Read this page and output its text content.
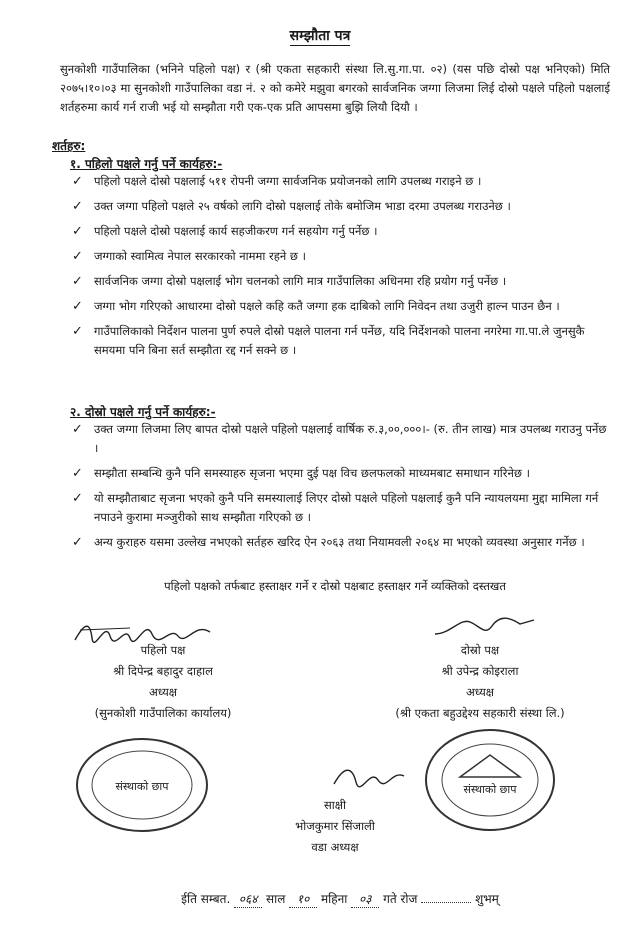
सम्झौता पत्र
सुनकोशी गाउँपालिका (भनिने पहिलो पक्ष) र (श्री एकता सहकारी संस्था लि.सु.गा.पा. ०२) (यस पछि दोस्रो पक्ष भनिएको) मिति २०७५।१०।०३ मा सुनकोशी गाउँपालिका वडा नं. २ को कमेरे मझुवा बगरको सार्वजनिक जग्गा लिजमा लिई दोस्रो पक्षले पहिलो पक्षलाई शर्तहरुमा कार्य गर्न राजी भई यो सम्झौता गरी एक-एक प्रति आपसमा बुझि लियौ दियौ ।
शर्तहरु:
१. पहिलो पक्षले गर्नु पर्ने कार्यहरु:-
✓ पहिलो पक्षले दोस्रो पक्षलाई ५११ रोपनी जग्गा सार्वजनिक प्रयोजनको लागि उपलब्ध गराइने छ ।
✓ उक्त जग्गा पहिलो पक्षले २५ वर्षको लागि दोस्रो पक्षलाई तोके बमोजिम भाडा दरमा उपलब्ध गराउनेछ ।
✓ पहिलो पक्षले दोस्रो पक्षलाई कार्य सहजीकरण गर्न सहयोग गर्नु पर्नेछ ।
✓ जग्गाको स्वामित्व नेपाल सरकारको नाममा रहने छ ।
✓ सार्वजनिक जग्गा दोस्रो पक्षलाई भोग चलनको लागि मात्र गाउँपालिका अधिनमा रहि प्रयोग गर्नु पर्नेछ ।
✓ जग्गा भोग गरिएको आधारमा दोस्रो पक्षले कहि कतै जग्गा हक दाबिको लागि निवेदन तथा उजुरी हाल्न पाउन छैन ।
✓ गाउँपालिकाको निर्देशन पालना पुर्ण रुपले दोस्रो पक्षले पालना गर्न पर्नेछ, यदि निर्देशनको पालना नगरेमा गा.पा.ले जुनसुकै समयमा पनि बिना सर्त सम्झौता रद्द गर्न सक्ने छ ।
२. दोस्रो पक्षले गर्नु पर्ने कार्यहरु:-
✓ उक्त जग्गा लिजमा लिए बापत दोस्रो पक्षले पहिलो पक्षलाई वार्षिक रु.३,००,०००।- (रु. तीन लाख) मात्र उपलब्ध गराउनु पर्नेछ ।
✓ सम्झौता सम्बन्धि कुनै पनि समस्याहरु सृजना भएमा दुई पक्ष विच छलफलको माध्यमबाट समाधान गरिनेछ ।
✓ यो सम्झौताबाट सृजना भएको कुनै पनि समस्यालाई लिएर दोस्रो पक्षले पहिलो पक्षलाई कुनै पनि न्यायलयमा मुद्दा मामिला गर्न नपाउने कुरामा मञ्जुरीको साथ सम्झौता गरिएको छ ।
✓ अन्य कुराहरु यसमा उल्लेख नभएको सर्तहरु खरिद ऐन २०६३ तथा नियामवली २०६४ मा भएको व्यवस्था अनुसार गर्नेछ ।
पहिलो पक्षको तर्फबाट हस्ताक्षर गर्ने र दोस्रो पक्षबाट हस्ताक्षर गर्ने व्यक्तिको दस्तखत
पहिलो पक्ष
श्री दिपेन्द्र बहादुर दाहाल
अध्यक्ष
(सुनकोशी गाउँपालिका कार्यालय)
दोस्रो पक्ष
श्री उपेन्द्र कोइराला
अध्यक्ष
(श्री एकता बहुउद्देश्य सहकारी संस्था लि.)
संस्थाको छाप	संस्थाको छाप
साक्षी
भोजकुमार सिंजाली
वडा अध्यक्ष
ईति सम्बत. ०६४ साल १० महिना ०३ गते रोज	शुभम्
